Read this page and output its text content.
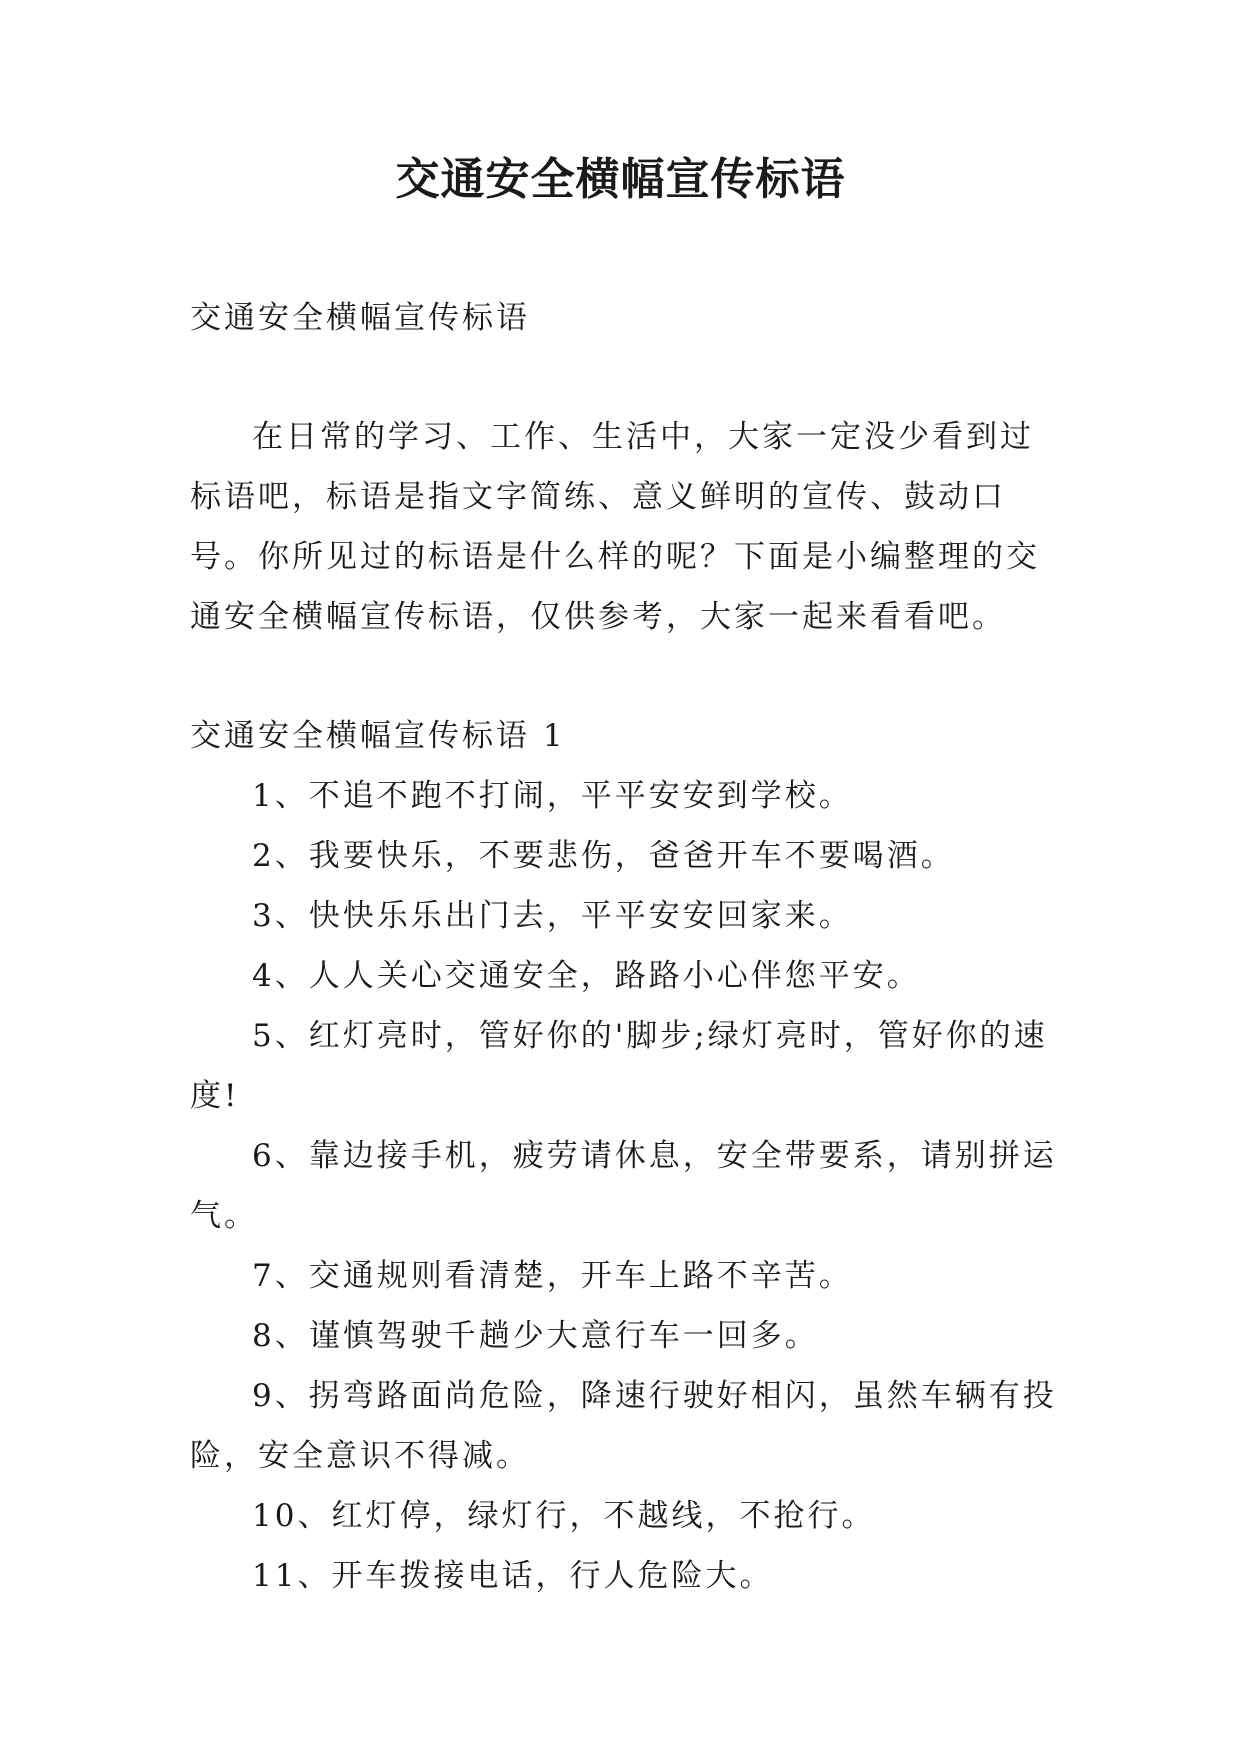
交通安全横幅宣传标语

交通安全横幅宣传标语

在日常的学习、工作、生活中，大家一定没少看到过标语吧，标语是指文字简练、意义鲜明的宣传、鼓动口号。你所见过的标语是什么样的呢？下面是小编整理的交通安全横幅宣传标语，仅供参考，大家一起来看看吧。

交通安全横幅宣传标语 1

1、不追不跑不打闹，平平安安到学校。

2、我要快乐，不要悲伤，爸爸开车不要喝酒。

3、快快乐乐出门去，平平安安回家来。

4、人人关心交通安全，路路小心伴您平安。

5、红灯亮时，管好你的'脚步;绿灯亮时，管好你的速度!

6、靠边接手机，疲劳请休息，安全带要系，请别拼运气。

7、交通规则看清楚，开车上路不辛苦。

8、谨慎驾驶千趟少大意行车一回多。

9、拐弯路面尚危险，降速行驶好相闪，虽然车辆有投险，安全意识不得减。

10、红灯停，绿灯行，不越线，不抢行。

11、开车拨接电话，行人危险大。
